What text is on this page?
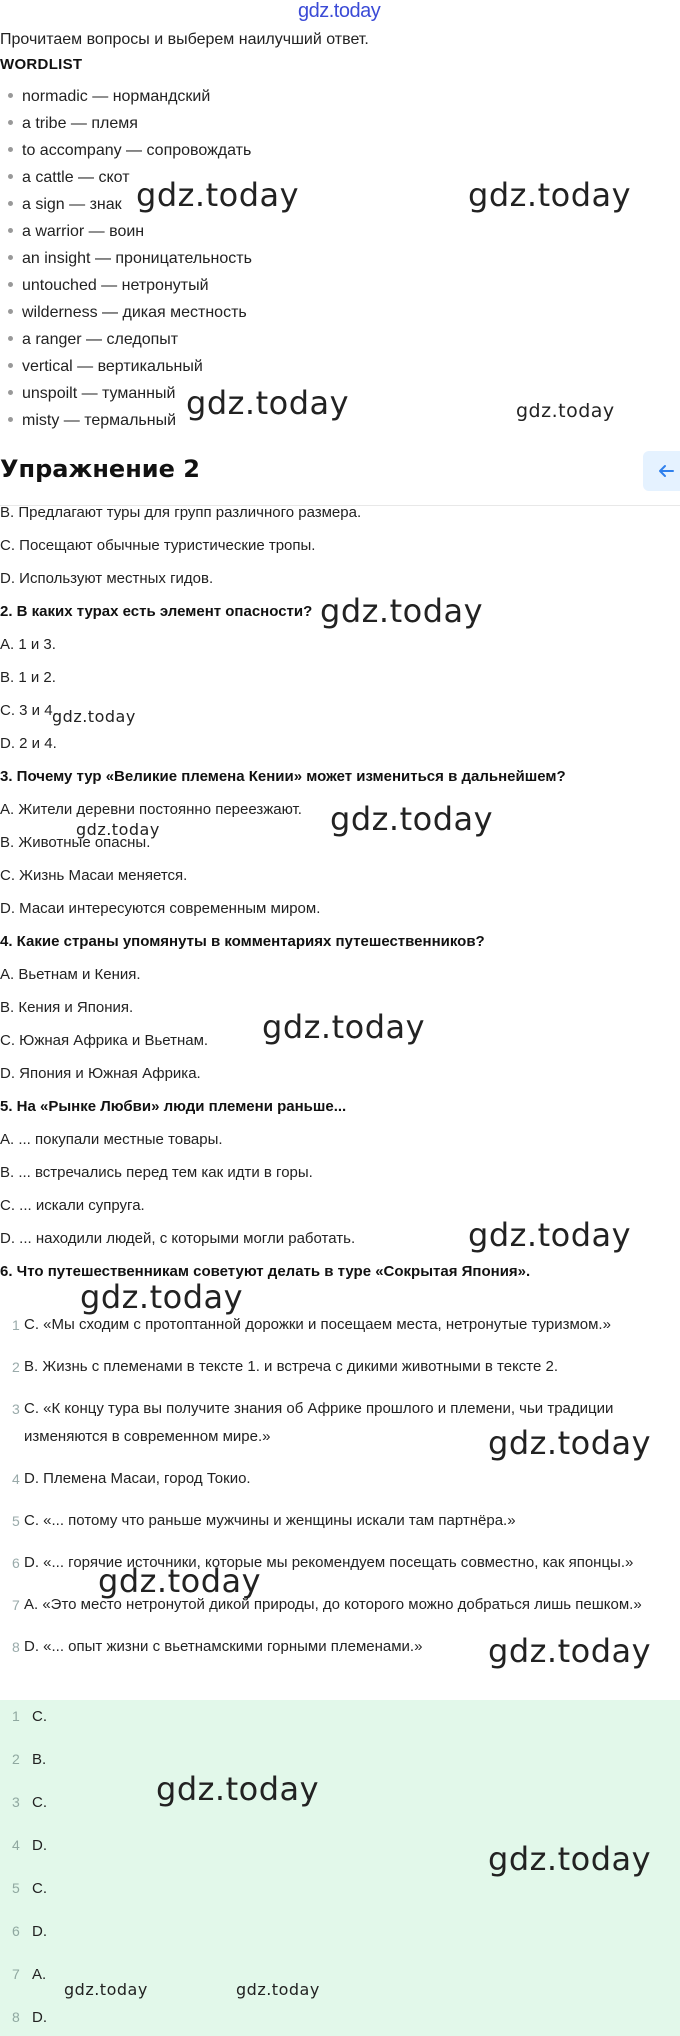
gdz.today
Прочитаем вопросы и выберем наилучший ответ.
WORDLIST
normadic — нормандский
a tribe — племя
to accompany — сопровождать
a cattle — скот
a sign — знак
a warrior — воин
an insight — проницательность
untouched — нетронутый
wilderness — дикая местность
a ranger — следопыт
vertical — вертикальный
unspoilt — туманный
misty — термальный
Упражнение 2
B. Предлагают туры для групп различного размера.
C. Посещают обычные туристические тропы.
D. Используют местных гидов.
2. В каких турах есть элемент опасности?
A. 1 и 3.
B. 1 и 2.
C. 3 и 4.
D. 2 и 4.
3. Почему тур «Великие племена Кении» может измениться в дальнейшем?
A. Жители деревни постоянно переезжают.
B. Животные опасны.
C. Жизнь Масаи меняется.
D. Масаи интересуются современным миром.
4. Какие страны упомянуты в комментариях путешественников?
A. Вьетнам и Кения.
B. Кения и Япония.
C. Южная Африка и Вьетнам.
D. Япония и Южная Африка.
5. На «Рынке Любви» люди племени раньше...
A. ... покупали местные товары.
B. ... встречались перед тем как идти в горы.
C. ... искали супруга.
D. ... находили людей, с которыми могли работать.
6. Что путешественникам советуют делать в туре «Сокрытая Япония».
1 C. «Мы сходим с протоптанной дорожки и посещаем места, нетронутые туризмом.»
2 B. Жизнь с племенами в тексте 1. и встреча с дикими животными в тексте 2.
3 C. «К концу тура вы получите знания об Африке прошлого и племени, чьи традиции изменяются в современном мире.»
4 D. Племена Масаи, город Токио.
5 C. «... потому что раньше мужчины и женщины искали там партнёра.»
6 D. «... горячие источники, которые мы рекомендуем посещать совместно, как японцы.»
7 A. «Это место нетронутой дикой природы, до которого можно добраться лишь пешком.»
8 D. «... опыт жизни с вьетнамскими горными племенами.»
1 C.
2 B.
3 C.
4 D.
5 C.
6 D.
7 A.
8 D.
gdz.today	gdz.today
gdz.today	gdz.today
gdz.today
gdz.today
gdz.today
gdz.today
gdz.today
gdz.today
gdz.today
gdz.today
gdz.today
gdz.today
gdz.today
gdz.today
gdz.today	gdz.today
